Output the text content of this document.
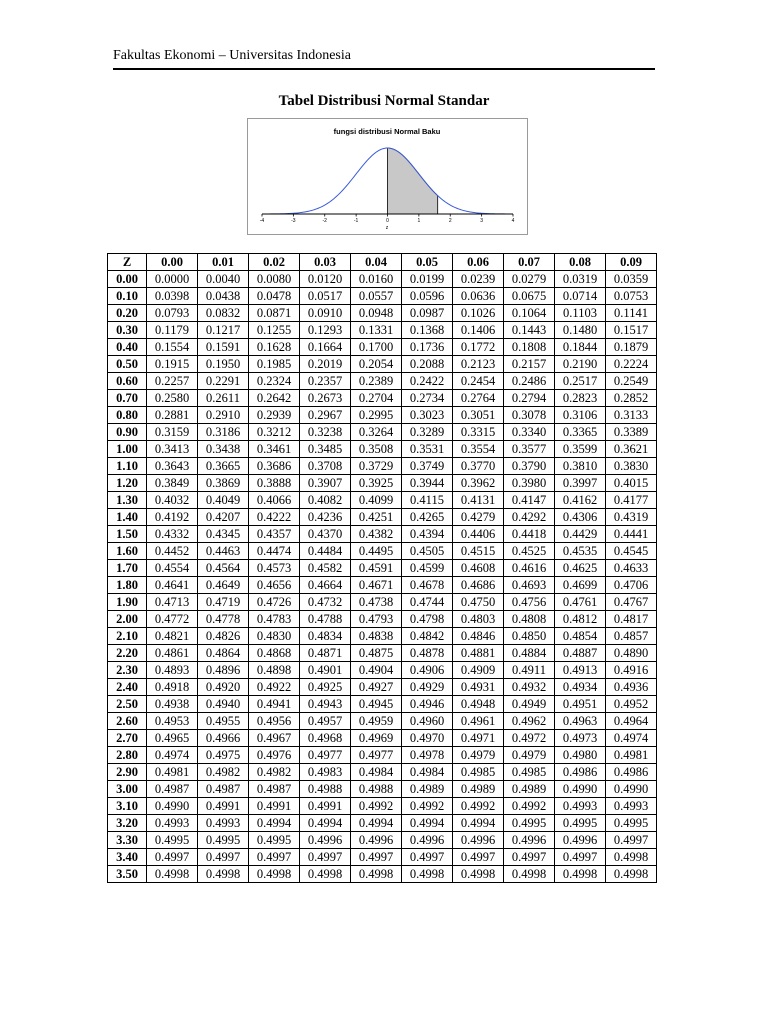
Fakultas Ekonomi – Universitas Indonesia
Tabel Distribusi Normal Standar
fungsi distribusi Normal Baku
-4	-3	-2	-1	0	1	2	3	4
z
Z	0.00	0.01	0.02	0.03	0.04	0.05	0.06	0.07	0.08	0.09
0.00	0.0000	0.0040	0.0080	0.0120	0.0160	0.0199	0.0239	0.0279	0.0319	0.0359
0.10	0.0398	0.0438	0.0478	0.0517	0.0557	0.0596	0.0636	0.0675	0.0714	0.0753
0.20	0.0793	0.0832	0.0871	0.0910	0.0948	0.0987	0.1026	0.1064	0.1103	0.1141
0.30	0.1179	0.1217	0.1255	0.1293	0.1331	0.1368	0.1406	0.1443	0.1480	0.1517
0.40	0.1554	0.1591	0.1628	0.1664	0.1700	0.1736	0.1772	0.1808	0.1844	0.1879
0.50	0.1915	0.1950	0.1985	0.2019	0.2054	0.2088	0.2123	0.2157	0.2190	0.2224
0.60	0.2257	0.2291	0.2324	0.2357	0.2389	0.2422	0.2454	0.2486	0.2517	0.2549
0.70	0.2580	0.2611	0.2642	0.2673	0.2704	0.2734	0.2764	0.2794	0.2823	0.2852
0.80	0.2881	0.2910	0.2939	0.2967	0.2995	0.3023	0.3051	0.3078	0.3106	0.3133
0.90	0.3159	0.3186	0.3212	0.3238	0.3264	0.3289	0.3315	0.3340	0.3365	0.3389
1.00	0.3413	0.3438	0.3461	0.3485	0.3508	0.3531	0.3554	0.3577	0.3599	0.3621
1.10	0.3643	0.3665	0.3686	0.3708	0.3729	0.3749	0.3770	0.3790	0.3810	0.3830
1.20	0.3849	0.3869	0.3888	0.3907	0.3925	0.3944	0.3962	0.3980	0.3997	0.4015
1.30	0.4032	0.4049	0.4066	0.4082	0.4099	0.4115	0.4131	0.4147	0.4162	0.4177
1.40	0.4192	0.4207	0.4222	0.4236	0.4251	0.4265	0.4279	0.4292	0.4306	0.4319
1.50	0.4332	0.4345	0.4357	0.4370	0.4382	0.4394	0.4406	0.4418	0.4429	0.4441
1.60	0.4452	0.4463	0.4474	0.4484	0.4495	0.4505	0.4515	0.4525	0.4535	0.4545
1.70	0.4554	0.4564	0.4573	0.4582	0.4591	0.4599	0.4608	0.4616	0.4625	0.4633
1.80	0.4641	0.4649	0.4656	0.4664	0.4671	0.4678	0.4686	0.4693	0.4699	0.4706
1.90	0.4713	0.4719	0.4726	0.4732	0.4738	0.4744	0.4750	0.4756	0.4761	0.4767
2.00	0.4772	0.4778	0.4783	0.4788	0.4793	0.4798	0.4803	0.4808	0.4812	0.4817
2.10	0.4821	0.4826	0.4830	0.4834	0.4838	0.4842	0.4846	0.4850	0.4854	0.4857
2.20	0.4861	0.4864	0.4868	0.4871	0.4875	0.4878	0.4881	0.4884	0.4887	0.4890
2.30	0.4893	0.4896	0.4898	0.4901	0.4904	0.4906	0.4909	0.4911	0.4913	0.4916
2.40	0.4918	0.4920	0.4922	0.4925	0.4927	0.4929	0.4931	0.4932	0.4934	0.4936
2.50	0.4938	0.4940	0.4941	0.4943	0.4945	0.4946	0.4948	0.4949	0.4951	0.4952
2.60	0.4953	0.4955	0.4956	0.4957	0.4959	0.4960	0.4961	0.4962	0.4963	0.4964
2.70	0.4965	0.4966	0.4967	0.4968	0.4969	0.4970	0.4971	0.4972	0.4973	0.4974
2.80	0.4974	0.4975	0.4976	0.4977	0.4977	0.4978	0.4979	0.4979	0.4980	0.4981
2.90	0.4981	0.4982	0.4982	0.4983	0.4984	0.4984	0.4985	0.4985	0.4986	0.4986
3.00	0.4987	0.4987	0.4987	0.4988	0.4988	0.4989	0.4989	0.4989	0.4990	0.4990
3.10	0.4990	0.4991	0.4991	0.4991	0.4992	0.4992	0.4992	0.4992	0.4993	0.4993
3.20	0.4993	0.4993	0.4994	0.4994	0.4994	0.4994	0.4994	0.4995	0.4995	0.4995
3.30	0.4995	0.4995	0.4995	0.4996	0.4996	0.4996	0.4996	0.4996	0.4996	0.4997
3.40	0.4997	0.4997	0.4997	0.4997	0.4997	0.4997	0.4997	0.4997	0.4997	0.4998
3.50	0.4998	0.4998	0.4998	0.4998	0.4998	0.4998	0.4998	0.4998	0.4998	0.4998
